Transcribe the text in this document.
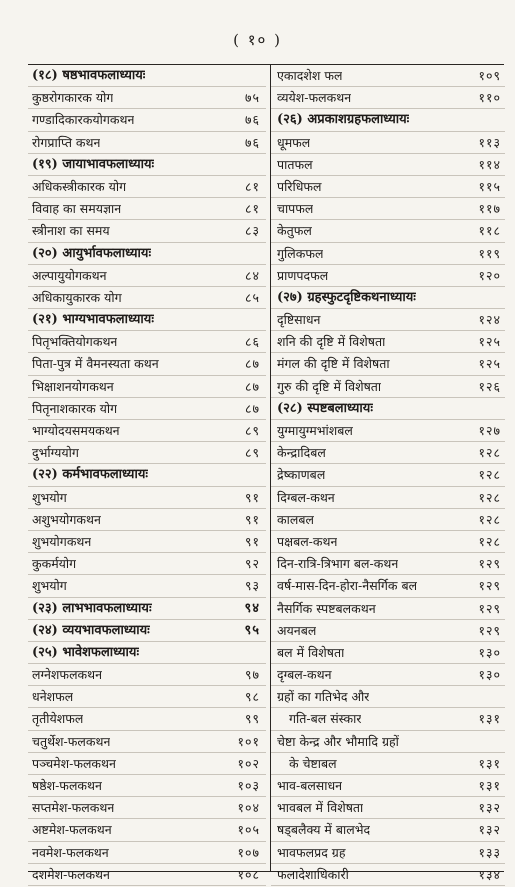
( १० )
(१८) षष्ठभावफलाध्यायः
कुष्ठरोगकारक योग	७५
गण्डादिकारकयोगकथन	७६
रोगप्राप्ति कथन	७६
(१९) जायाभावफलाध्यायः
अधिकस्त्रीकारक योग	८१
विवाह का समयज्ञान	८१
स्त्रीनाश का समय	८३
(२०) आयुर्भावफलाध्यायः
अल्पायुयोगकथन	८४
अधिकायुकारक योग	८५
(२१) भाग्यभावफलाध्यायः
पितृभक्तियोगकथन	८६
पिता-पुत्र में वैमनस्यता कथन	८७
भिक्षाशनयोगकथन	८७
पितृनाशकारक योग	८७
भाग्योदयसमयकथन	८९
दुर्भाग्ययोग	८९
(२२) कर्मभावफलाध्यायः
शुभयोग	९१
अशुभयोगकथन	९१
शुभयोगकथन	९१
कुकर्मयोग	९२
शुभयोग	९३
(२३) लाभभावफलाध्यायः	९४
(२४) व्ययभावफलाध्यायः	९५
(२५) भावेशफलाध्यायः
लग्नेशफलकथन	९७
धनेशफल	९८
तृतीयेशफल	९९
चतुर्थेश-फलकथन	१०१
पञ्चमेश-फलकथन	१०२
षष्ठेश-फलकथन	१०३
सप्तमेश-फलकथन	१०४
अष्टमेश-फलकथन	१०५
नवमेश-फलकथन	१०७
दशमेश-फलकथन	१०८
एकादशेश फल	१०९
व्ययेश-फलकथन	११०
(२६) अप्रकाशग्रहफलाध्यायः
धूमफल	११३
पातफल	११४
परिधिफल	११५
चापफल	११७
केतुफल	११८
गुलिकफल	११९
प्राणपदफल	१२०
(२७) ग्रहस्फुटदृष्टिकथनाध्यायः
दृष्टिसाधन	१२४
शनि की दृष्टि में विशेषता	१२५
मंगल की दृष्टि में विशेषता	१२५
गुरु की दृष्टि में विशेषता	१२६
(२८) स्पष्टबलाध्यायः
युग्मायुग्मभांशबल	१२७
केन्द्रादिबल	१२८
द्रेष्काणबल	१२८
दिग्बल-कथन	१२८
कालबल	१२८
पक्षबल-कथन	१२८
दिन-रात्रि-त्रिभाग बल-कथन	१२९
वर्ष-मास-दिन-होरा-नैसर्गिक बल	१२९
नैसर्गिक स्पष्टबलकथन	१२९
अयनबल	१२९
बल में विशेषता	१३०
दृग्बल-कथन	१३०
ग्रहों का गतिभेद और
गति-बल संस्कार	१३१
चेष्टा केन्द्र और भौमादि ग्रहों
के चेष्टाबल	१३१
भाव-बलसाधन	१३१
भावबल में विशेषता	१३२
षड्बलैक्य में बालभेद	१३२
भावफलप्रद ग्रह	१३३
फलादेशाधिकारी	१३४
